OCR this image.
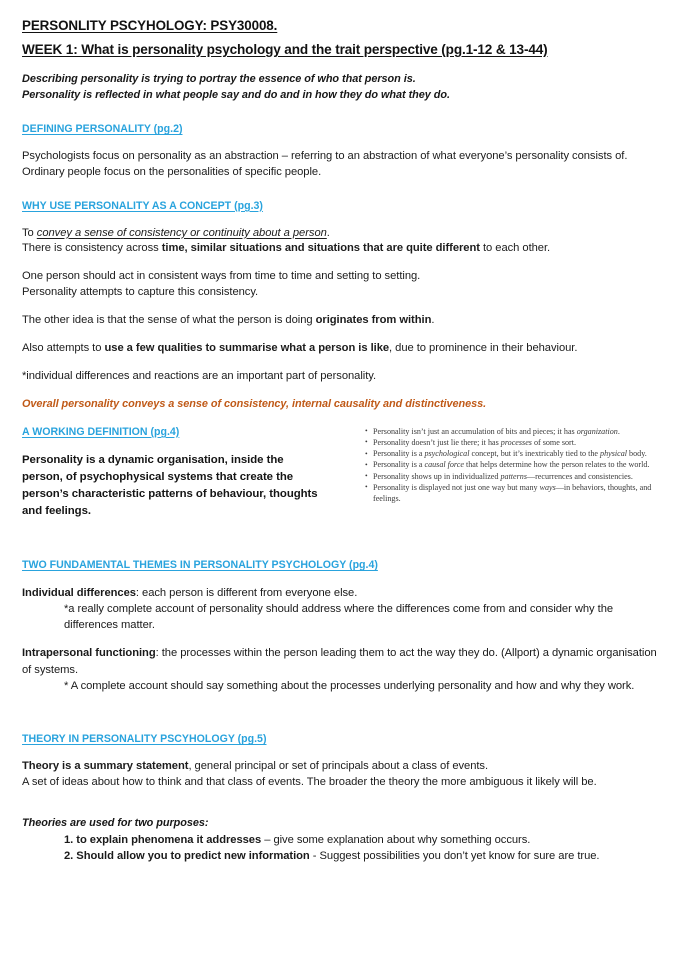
PERSONLITY PSCYHOLOGY: PSY30008.
WEEK 1: What is personality psychology and the trait perspective (pg.1-12 & 13-44)

Describing personality is trying to portray the essence of who that person is.

Personality is reflected in what people say and do and in how they do what they do.

DEFINING PERSONALITY (pg.2)

Psychologists focus on personality as an abstraction – referring to an abstraction of what everyone’s personality consists of.

Ordinary people focus on the personalities of specific people.

WHY USE PERSONALITY AS A CONCEPT (pg.3)

To convey a sense of consistency or continuity about a person.

There is consistency across time, similar situations and situations that are quite different to each other.

One person should act in consistent ways from time to time and setting to setting.

Personality attempts to capture this consistency.

The other idea is that the sense of what the person is doing originates from within.

Also attempts to use a few qualities to summarise what a person is like, due to prominence in their behaviour.

*individual differences and reactions are an important part of personality.

Overall personality conveys a sense of consistency, internal causality and distinctiveness.

A WORKING DEFINITION (pg.4)

Personality is a dynamic organisation, inside the person, of psychophysical systems that create the person’s characteristic patterns of behaviour, thoughts and feelings.

• Personality isn’t just an accumulation of bits and pieces; it has organization.
• Personality doesn’t just lie there; it has processes of some sort.
• Personality is a psychological concept, but it’s inextricably tied to the physical body.
• Personality is a causal force that helps determine how the person relates to the world.
• Personality shows up in individualized patterns—recurrences and consistencies.
• Personality is displayed not just one way but many ways—in behaviors, thoughts, and feelings.

TWO FUNDAMENTAL THEMES IN PERSONALITY PSYCHOLOGY (pg.4)

Individual differences: each person is different from everyone else.

*a really complete account of personality should address where the differences come from and consider why the differences matter.

Intrapersonal functioning: the processes within the person leading them to act the way they do. (Allport) a dynamic organisation of systems.

* A complete account should say something about the processes underlying personality and how and why they work.

THEORY IN PERSONALITY PSCYHOLOGY (pg.5)

Theory is a summary statement, general principal or set of principals about a class of events.

A set of ideas about how to think and that class of events. The broader the theory the more ambiguous it likely will be.

Theories are used for two purposes:

1. to explain phenomena it addresses – give some explanation about why something occurs.

2. Should allow you to predict new information - Suggest possibilities you don’t yet know for sure are true.
